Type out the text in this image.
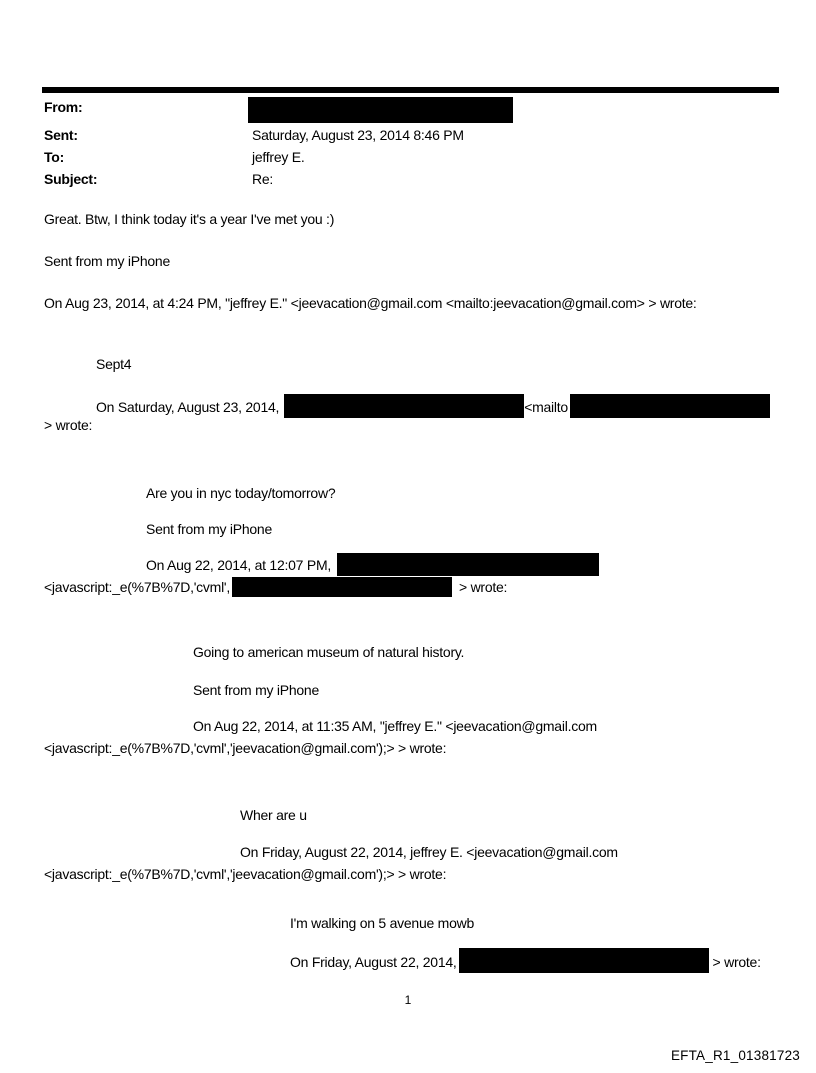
From:
Sent:	Saturday, August 23, 2014 8:46 PM
To:	jeffrey E.
Subject:	Re:
Great. Btw, I think today it's a year I've met you :)
Sent from my iPhone
On Aug 23, 2014, at 4:24 PM, "jeffrey E." <jeevacation@gmail.com <mailto:jeevacation@gmail.com> > wrote:
Sept4
On Saturday, August 23, 2014,	<mailto
> wrote:
Are you in nyc today/tomorrow?
Sent from my iPhone
On Aug 22, 2014, at 12:07 PM,
<javascript:_e(%7B%7D,'cvml',	> wrote:
Going to american museum of natural history.
Sent from my iPhone
On Aug 22, 2014, at 11:35 AM, "jeffrey E." <jeevacation@gmail.com
<javascript:_e(%7B%7D,'cvml','jeevacation@gmail.com');> > wrote:
Wher are u
On Friday, August 22, 2014, jeffrey E. <jeevacation@gmail.com
<javascript:_e(%7B%7D,'cvml','jeevacation@gmail.com');> > wrote:
I'm walking on 5 avenue mowb
On Friday, August 22, 2014,	> wrote:
1
EFTA_R1_01381723
